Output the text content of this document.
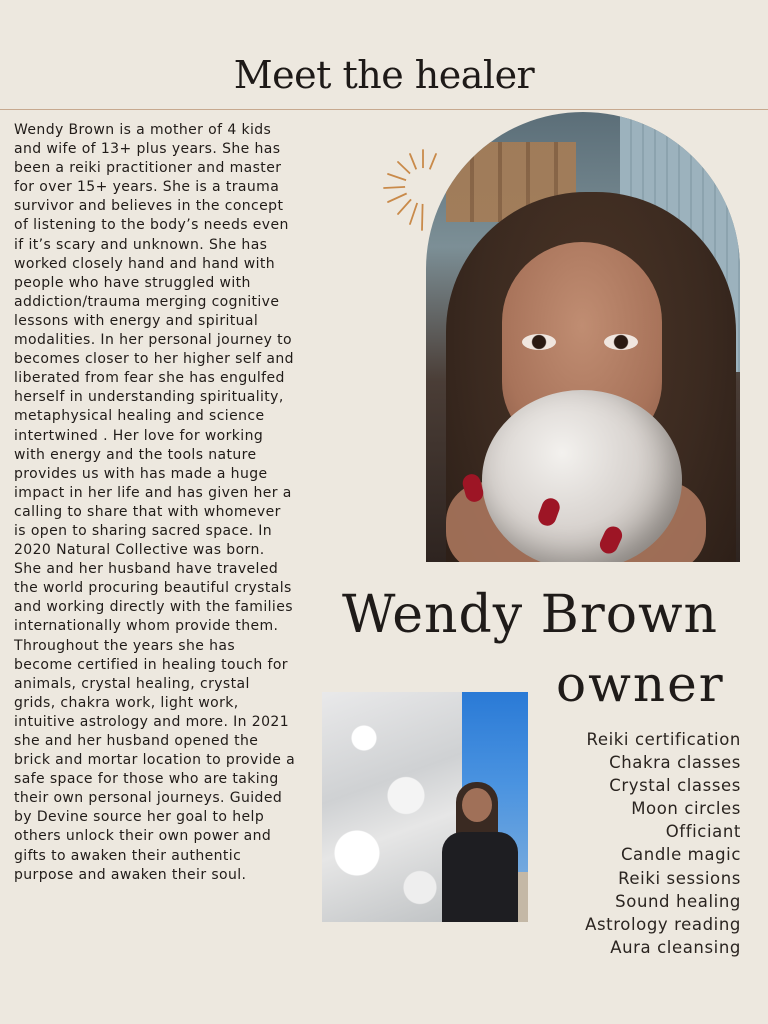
Meet the healer

Wendy Brown is a mother of 4 kids and wife of 13+ plus years. She has been a reiki practitioner and master for over 15+ years. She is a trauma survivor and believes in the concept of listening to the body’s needs even if it’s scary and unknown. She has worked closely hand and hand with people who have struggled with addiction/trauma merging cognitive lessons with energy and spiritual modalities. In her personal journey to becomes closer to her higher self and liberated from fear she has engulfed herself in understanding spirituality, metaphysical healing and science intertwined . Her love for working with energy and the tools nature provides us with has made a huge impact in her life and has given her a calling to share that with whomever is open to sharing sacred space. In 2020 Natural Collective was born. She and her husband have traveled the world procuring beautiful crystals and working directly with the families internationally whom provide them. Throughout the years she has become certified in healing touch for animals, crystal healing, crystal grids, chakra work, light work, intuitive astrology and more. In 2021 she and her husband opened the brick and mortar location to provide a safe space for those who are taking their own personal journeys. Guided by Devine source her goal to help others unlock their own power and gifts to awaken their authentic purpose and awaken their soul.

Wendy Brown
owner
Reiki certification
Chakra classes
Crystal classes
Moon circles
Officiant
Candle magic
Reiki sessions
Sound healing
Astrology reading
Aura cleansing
